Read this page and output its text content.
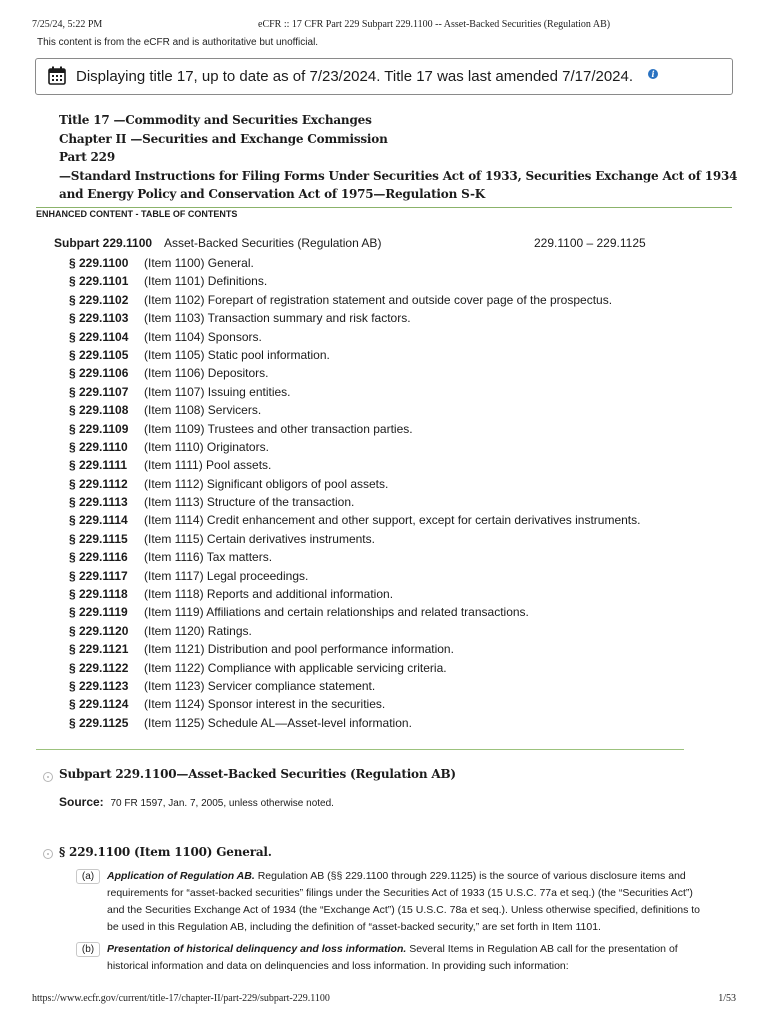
7/25/24, 5:22 PM	eCFR :: 17 CFR Part 229 Subpart 229.1100 -- Asset-Backed Securities (Regulation AB)
This content is from the eCFR and is authoritative but unofficial.
Displaying title 17, up to date as of 7/23/2024. Title 17 was last amended 7/17/2024.	i
Title 17 —Commodity and Securities Exchanges
Chapter II —Securities and Exchange Commission
Part 229
—Standard Instructions for Filing Forms Under Securities Act of 1933, Securities Exchange Act of 1934 and Energy Policy and Conservation Act of 1975—Regulation S-K
ENHANCED CONTENT - TABLE OF CONTENTS
Subpart 229.1100 Asset-Backed Securities (Regulation AB)	229.1100 – 229.1125
§ 229.1100 (Item 1100) General.
§ 229.1101 (Item 1101) Definitions.
§ 229.1102 (Item 1102) Forepart of registration statement and outside cover page of the prospectus.
§ 229.1103 (Item 1103) Transaction summary and risk factors.
§ 229.1104 (Item 1104) Sponsors.
§ 229.1105 (Item 1105) Static pool information.
§ 229.1106 (Item 1106) Depositors.
§ 229.1107 (Item 1107) Issuing entities.
§ 229.1108 (Item 1108) Servicers.
§ 229.1109 (Item 1109) Trustees and other transaction parties.
§ 229.1110 (Item 1110) Originators.
§ 229.1111 (Item 1111) Pool assets.
§ 229.1112 (Item 1112) Significant obligors of pool assets.
§ 229.1113 (Item 1113) Structure of the transaction.
§ 229.1114 (Item 1114) Credit enhancement and other support, except for certain derivatives instruments.
§ 229.1115 (Item 1115) Certain derivatives instruments.
§ 229.1116 (Item 1116) Tax matters.
§ 229.1117 (Item 1117) Legal proceedings.
§ 229.1118 (Item 1118) Reports and additional information.
§ 229.1119 (Item 1119) Affiliations and certain relationships and related transactions.
§ 229.1120 (Item 1120) Ratings.
§ 229.1121 (Item 1121) Distribution and pool performance information.
§ 229.1122 (Item 1122) Compliance with applicable servicing criteria.
§ 229.1123 (Item 1123) Servicer compliance statement.
§ 229.1124 (Item 1124) Sponsor interest in the securities.
§ 229.1125 (Item 1125) Schedule AL—Asset-level information.
Subpart 229.1100—Asset-Backed Securities (Regulation AB)
Source: 70 FR 1597, Jan. 7, 2005, unless otherwise noted.
§ 229.1100 (Item 1100) General.
(a)	Application of Regulation AB. Regulation AB (§§ 229.1100 through 229.1125) is the source of various disclosure items and requirements for “asset-backed securities” filings under the Securities Act of 1933 (15 U.S.C. 77a et seq.) (the “Securities Act”) and the Securities Exchange Act of 1934 (the “Exchange Act”) (15 U.S.C. 78a et seq.). Unless otherwise specified, definitions to be used in this Regulation AB, including the definition of “asset-backed security,” are set forth in Item 1101.
(b)	Presentation of historical delinquency and loss information. Several Items in Regulation AB call for the presentation of historical information and data on delinquencies and loss information. In providing such information:
https://www.ecfr.gov/current/title-17/chapter-II/part-229/subpart-229.1100	1/53
